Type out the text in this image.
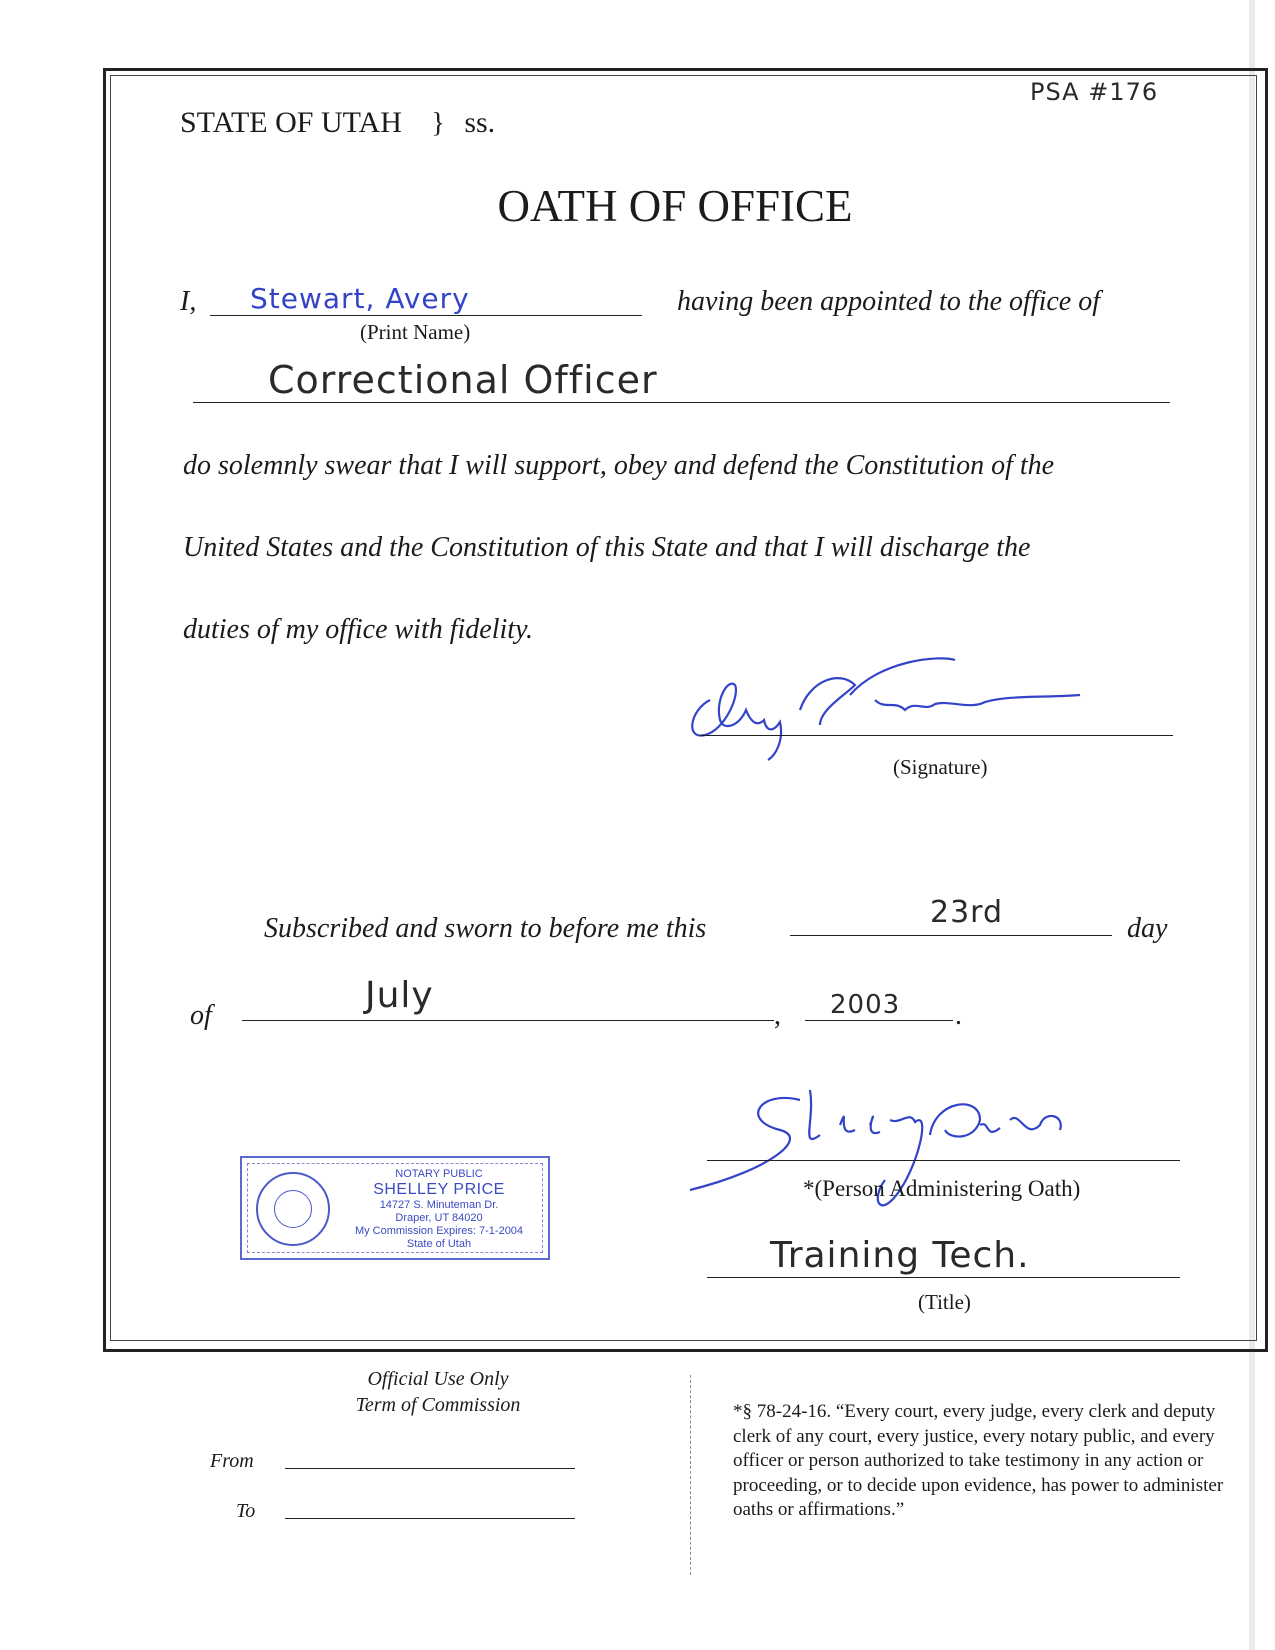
STATE OF UTAH } ss.
PSA #176
OATH OF OFFICE
I, Stewart, Avery
(Print Name)
having been appointed to the office of
Correctional Officer
do solemnly swear that I will support, obey and defend the Constitution of the
United States and the Constitution of this State and that I will discharge the
duties of my office with fidelity.
(Signature)
Subscribed and sworn to before me this	23rd	day
of	July	, 2003 .
*(Person Administering Oath)
Training Tech.
(Title)
NOTARY PUBLIC
SHELLEY PRICE
14727 S. Minuteman Dr.
Draper, UT 84020
My Commission Expires: 7-1-2004
State of Utah
Official Use Only
Term of Commission
From
To
*§ 78-24-16. “Every court, every judge, every clerk and deputy clerk of any court, every justice, every notary public, and every officer or person authorized to take testimony in any action or proceeding, or to decide upon evidence, has power to administer oaths or affirmations.”
